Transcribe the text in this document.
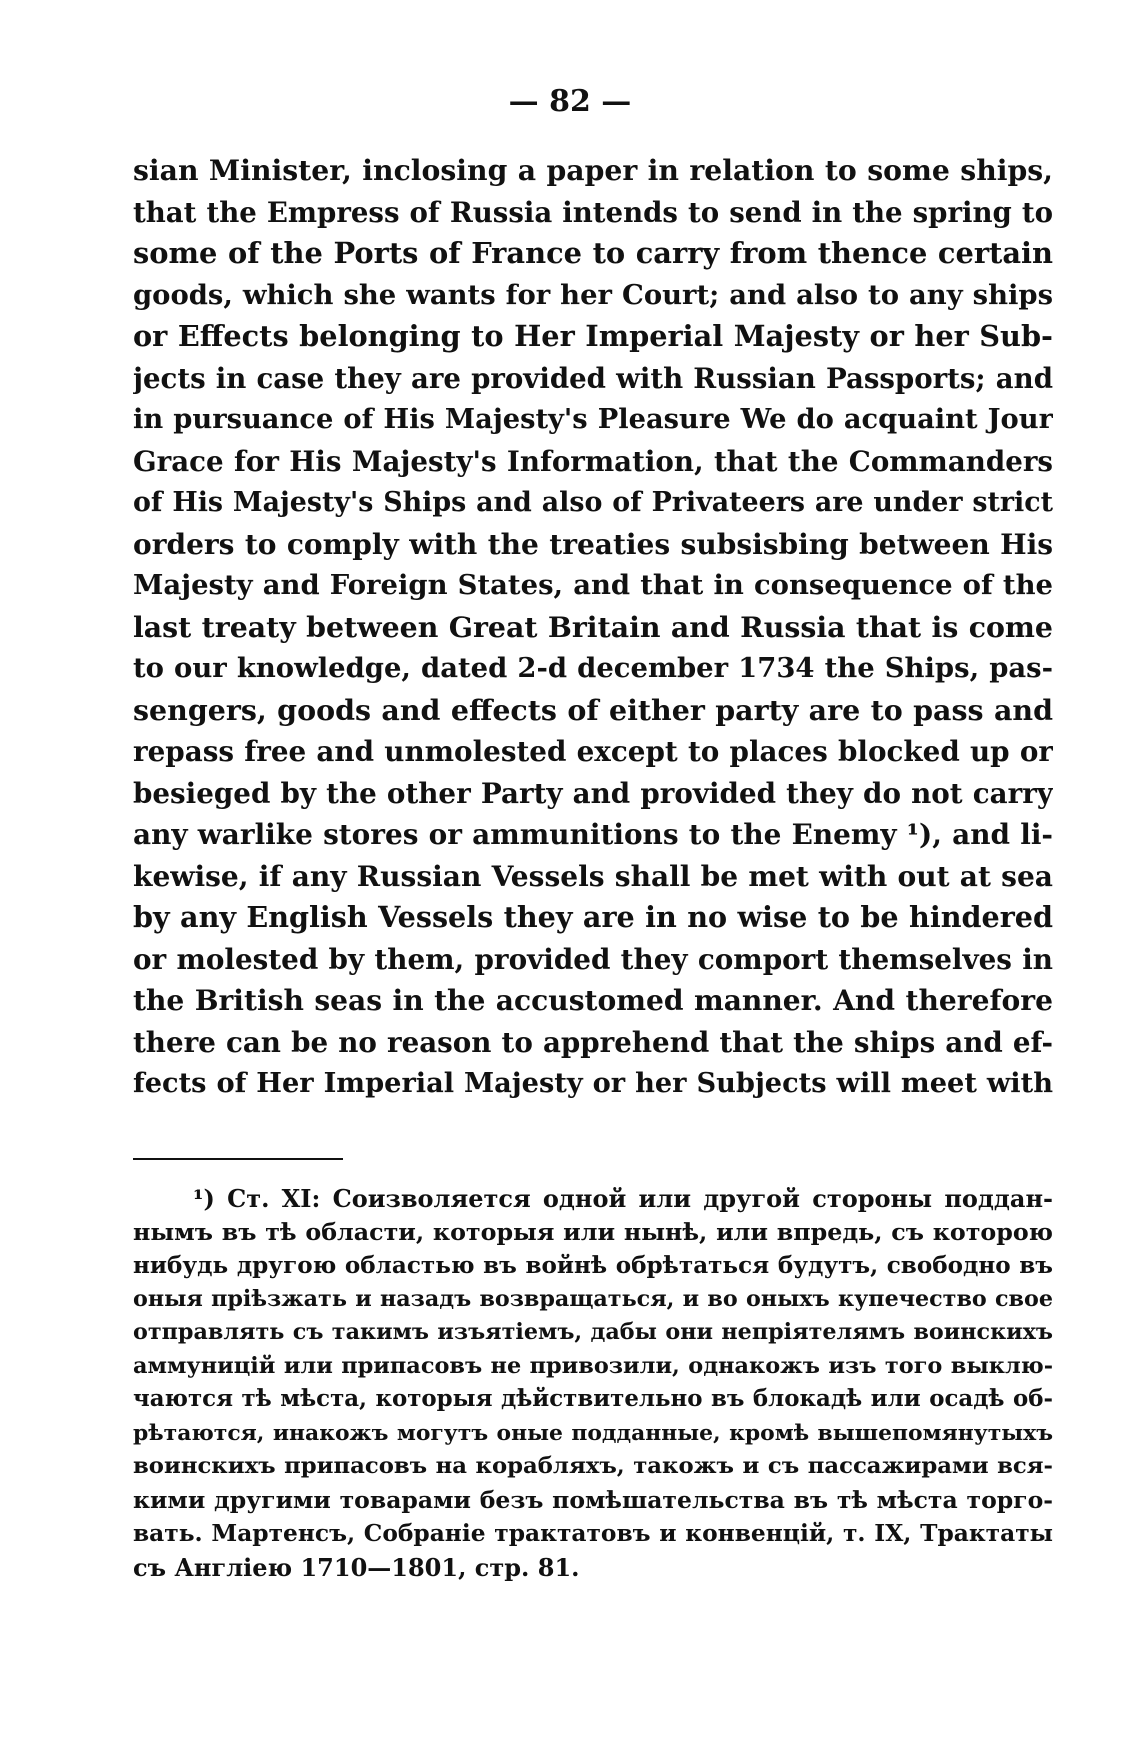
— 82 —
sian Minister, inclosing a paper in relation to some ships,
that the Empress of Russia intends to send in the spring to
some of the Ports of France to carry from thence certain
goods, which she wants for her Court; and also to any ships
or Effects belonging to Her Imperial Majesty or her Sub-
jects in case they are provided with Russian Passports; and
in pursuance of His Majesty's Pleasure We do acquaint Jour
Grace for His Majesty's Information, that the Commanders
of His Majesty's Ships and also of Privateers are under strict
orders to comply with the treaties subsisbing between His
Majesty and Foreign States, and that in consequence of the
last treaty between Great Britain and Russia that is come
to our knowledge, dated 2-d december 1734 the Ships, pas-
sengers, goods and effects of either party are to pass and
repass free and unmolested except to places blocked up or
besieged by the other Party and provided they do not carry
any warlike stores or ammunitions to the Enemy ¹), and li-
kewise, if any Russian Vessels shall be met with out at sea
by any English Vessels they are in no wise to be hindered
or molested by them, provided they comport themselves in
the British seas in the accustomed manner. And therefore
there can be no reason to apprehend that the ships and ef-
fects of Her Imperial Majesty or her Subjects will meet with
¹) Ст. XI: Соизволяется одной или другой стороны поддан-
нымъ въ тѣ области, которыя или нынѣ, или впредь, съ которою
нибудь другою областью въ войнѣ обрѣтаться будутъ, свободно въ
оныя пріѣзжать и назадъ возвращаться, и во оныхъ купечество свое
отправлять съ такимъ изъятіемъ, дабы они непріятелямъ воинскихъ
аммуницій или припасовъ не привозили, однакожъ изъ того выклю-
чаются тѣ мѣста, которыя дѣйствительно въ блокадѣ или осадѣ об-
рѣтаются, инакожъ могутъ оные подданные, кромѣ вышепомянутыхъ
воинскихъ припасовъ на корабляхъ, такожъ и съ пассажирами вся-
кими другими товарами безъ помѣшательства въ тѣ мѣста торго-
вать. Мартенсъ, Собраніе трактатовъ и конвенцій, т. IX, Трактаты
съ Англіею 1710—1801, стр. 81.
